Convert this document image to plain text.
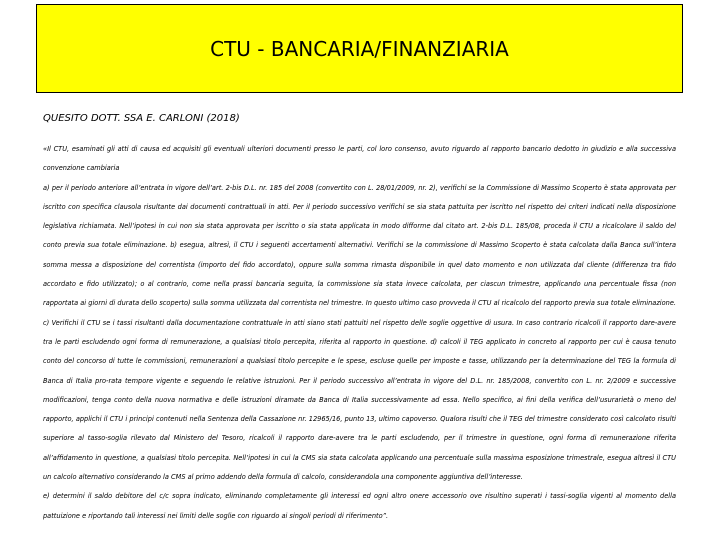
CTU - BANCARIA/FINANZIARIA

QUESITO DOTT. SSA E. CARLONI (2018)

«Il CTU, esaminati gli atti di causa ed acquisiti gli eventuali ulteriori documenti presso le parti, col loro consenso, avuto riguardo al rapporto bancario dedotto in giudizio e alla successiva convenzione cambiaria

a) per il periodo anteriore all’entrata in vigore dell’art. 2-bis D.L. nr. 185 del 2008 (convertito con L. 28/01/2009, nr. 2), verifichi se la Commissione di Massimo Scoperto è stata approvata per iscritto con specifica clausola risultante dai documenti contrattuali in atti. Per il periodo successivo verifichi se sia stata pattuita per iscritto nel rispetto dei criteri indicati nella disposizione legislativa richiamata. Nell’ipotesi in cui non sia stata approvata per iscritto o sia stata applicata in modo difforme dal citato art. 2-bis D.L. 185/08, proceda il CTU a ricalcolare il saldo del conto previa sua totale eliminazione. b) esegua, altresì, il CTU i seguenti accertamenti alternativi. Verifichi se la commissione di Massimo Scoperto è stata calcolata dalla Banca sull’intera somma messa a disposizione del correntista (importo del fido accordato), oppure sulla somma rimasta disponibile in quel dato momento e non utilizzata dal cliente (differenza tra fido accordato e fido utilizzato); o al contrario, come nella prassi bancaria seguita, la commissione sia stata invece calcolata, per ciascun trimestre, applicando una percentuale fissa (non rapportata ai giorni di durata dello scoperto) sulla somma utilizzata dal correntista nel trimestre. In questo ultimo caso provveda il CTU al ricalcolo del rapporto previa sua totale eliminazione. c) Verifichi il CTU se i tassi risultanti dalla documentazione contrattuale in atti siano stati pattuiti nel rispetto delle soglie oggettive di usura. In caso contrario ricalcoli il rapporto dare-avere tra le parti escludendo ogni forma di remunerazione, a qualsiasi titolo percepita, riferita al rapporto in questione. d) calcoli il TEG applicato in concreto al rapporto per cui è causa tenuto conto del concorso di tutte le commissioni, remunerazioni a qualsiasi titolo percepite e le spese, escluse quelle per imposte e tasse, utilizzando per la determinazione del TEG la formula di Banca di Italia pro-rata tempore vigente e seguendo le relative istruzioni. Per il periodo successivo all’entrata in vigore del D.L. nr. 185/2008, convertito con L. nr. 2/2009 e successive modificazioni, tenga conto della nuova normativa e delle istruzioni diramate da Banca di Italia successivamente ad essa. Nello specifico, ai fini della verifica dell’usurarietà o meno del rapporto, applichi il CTU i principi contenuti nella Sentenza della Cassazione nr. 12965/16, punto 13, ultimo capoverso. Qualora risulti che il TEG del trimestre considerato così calcolato risulti superiore al tasso-soglia rilevato dal Ministero del Tesoro, ricalcoli il rapporto dare-avere tra le parti escludendo, per il trimestre in questione, ogni forma di remunerazione riferita all’affidamento in questione, a qualsiasi titolo percepita. Nell’ipotesi in cui la CMS sia stata calcolata applicando una percentuale sulla massima esposizione trimestrale, esegua altresì il CTU un calcolo alternativo considerando la CMS al primo addendo della formula di calcolo, considerandola una componente aggiuntiva dell’interesse.

e) determini il saldo debitore del c/c sopra indicato, eliminando completamente gli interessi ed ogni altro onere accessorio ove risultino superati i tassi-soglia vigenti al momento della pattuizione e riportando tali interessi nei limiti delle soglie con riguardo ai singoli periodi di riferimento”.
